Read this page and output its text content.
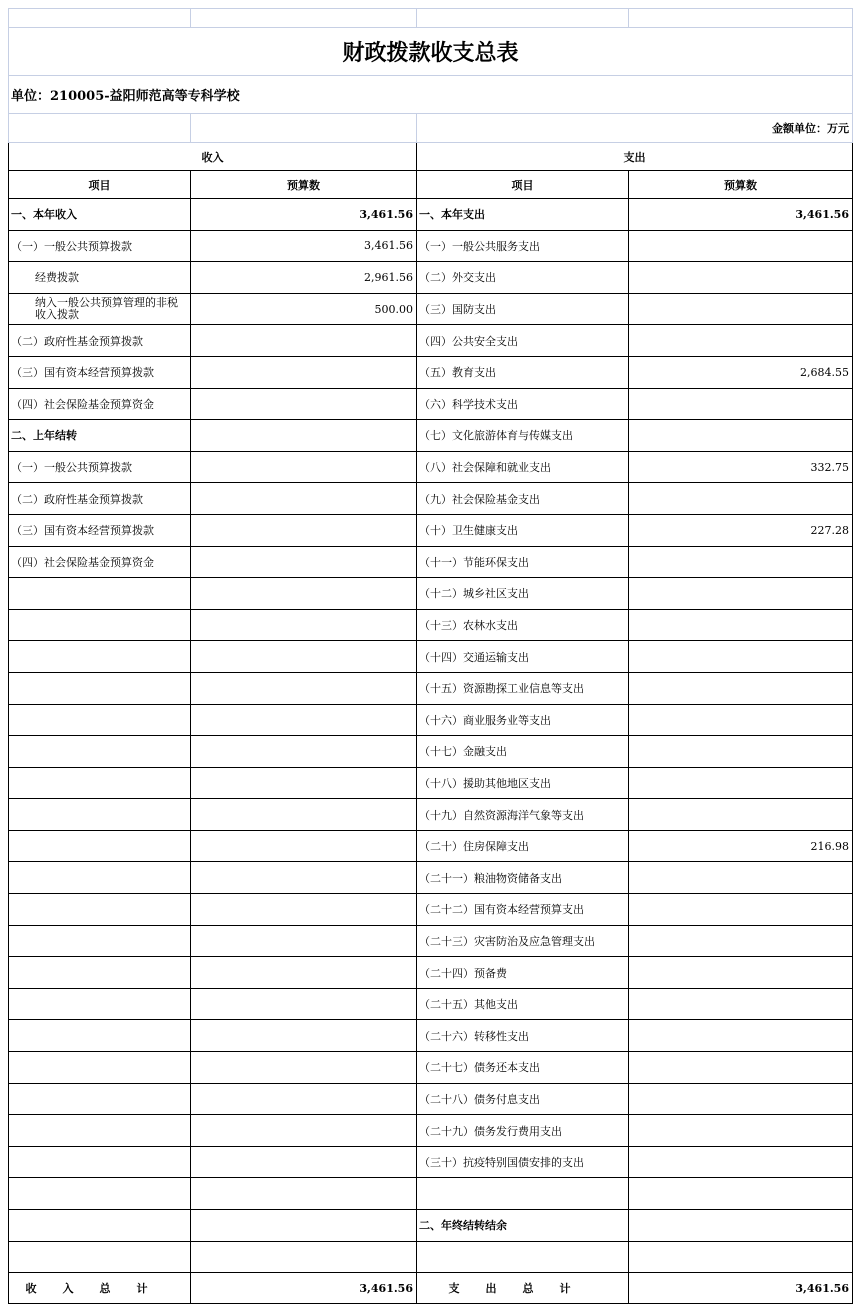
财政拨款收支总表			
单位：210005-益阳师范高等专科学校			
		金额单位：万元	
收入		支出	
项目	预算数	项目	预算数
一、本年收入	3,461.56	一、本年支出	3,461.56
（一）一般公共预算拨款	3,461.56	（一）一般公共服务支出	
经费拨款	2,961.56	（二）外交支出	
纳入一般公共预算管理的非税收入拨款	500.00	（三）国防支出	
（二）政府性基金预算拨款		（四）公共安全支出	
（三）国有资本经营预算拨款		（五）教育支出	2,684.55
（四）社会保险基金预算资金		（六）科学技术支出	
二、上年结转		（七）文化旅游体育与传媒支出	
（一）一般公共预算拨款		（八）社会保障和就业支出	332.75
（二）政府性基金预算拨款		（九）社会保险基金支出	
（三）国有资本经营预算拨款		（十）卫生健康支出	227.28
（四）社会保险基金预算资金		（十一）节能环保支出	
		（十二）城乡社区支出	
		（十三）农林水支出	
		（十四）交通运输支出	
		（十五）资源勘探工业信息等支出	
		（十六）商业服务业等支出	
		（十七）金融支出	
		（十八）援助其他地区支出	
		（十九）自然资源海洋气象等支出	
		（二十）住房保障支出	216.98
		（二十一）粮油物资储备支出	
		（二十二）国有资本经营预算支出	
		（二十三）灾害防治及应急管理支出	
		（二十四）预备费	
		（二十五）其他支出	
		（二十六）转移性支出	
		（二十七）债务还本支出	
		（二十八）债务付息支出	
		（二十九）债务发行费用支出	
		（三十）抗疫特别国债安排的支出	

		二、年终结转结余	

收入总计	3,461.56	支出总计	3,461.56
